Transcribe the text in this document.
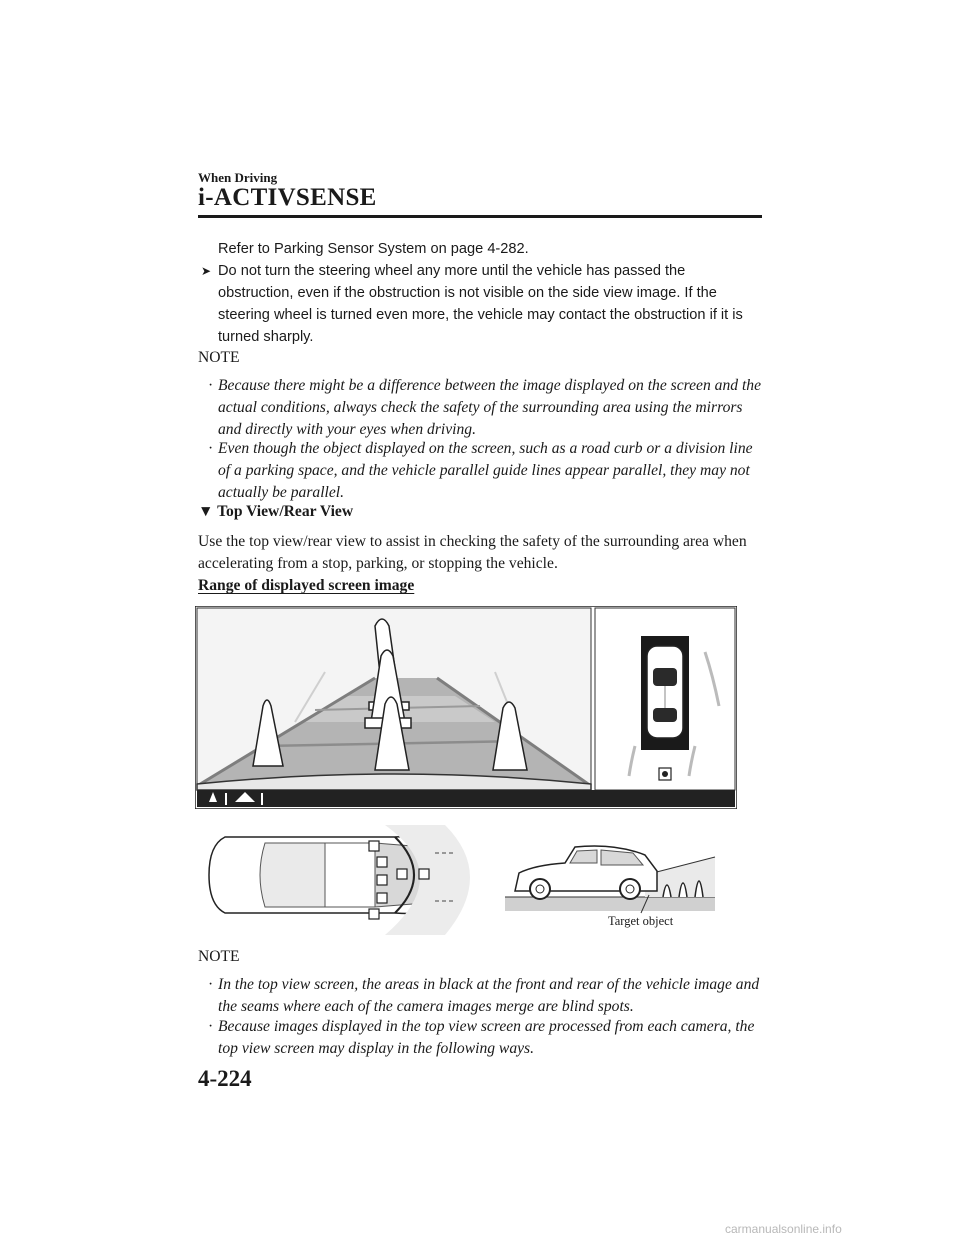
When Driving
i-ACTIVSENSE
Refer to Parking Sensor System on page 4-282.
➤ Do not turn the steering wheel any more until the vehicle has passed the obstruction, even if the obstruction is not visible on the side view image. If the steering wheel is turned even more, the vehicle may contact the obstruction if it is turned sharply.
NOTE
· Because there might be a difference between the image displayed on the screen and the actual conditions, always check the safety of the surrounding area using the mirrors and directly with your eyes when driving.
· Even though the object displayed on the screen, such as a road curb or a division line of a parking space, and the vehicle parallel guide lines appear parallel, they may not actually be parallel.
▼ Top View/Rear View
Use the top view/rear view to assist in checking the safety of the surrounding area when accelerating from a stop, parking, or stopping the vehicle.
Range of displayed screen image
Target object
NOTE
· In the top view screen, the areas in black at the front and rear of the vehicle image and the seams where each of the camera images merge are blind spots.
· Because images displayed in the top view screen are processed from each camera, the top view screen may display in the following ways.
4-224
carmanualsonline.info
